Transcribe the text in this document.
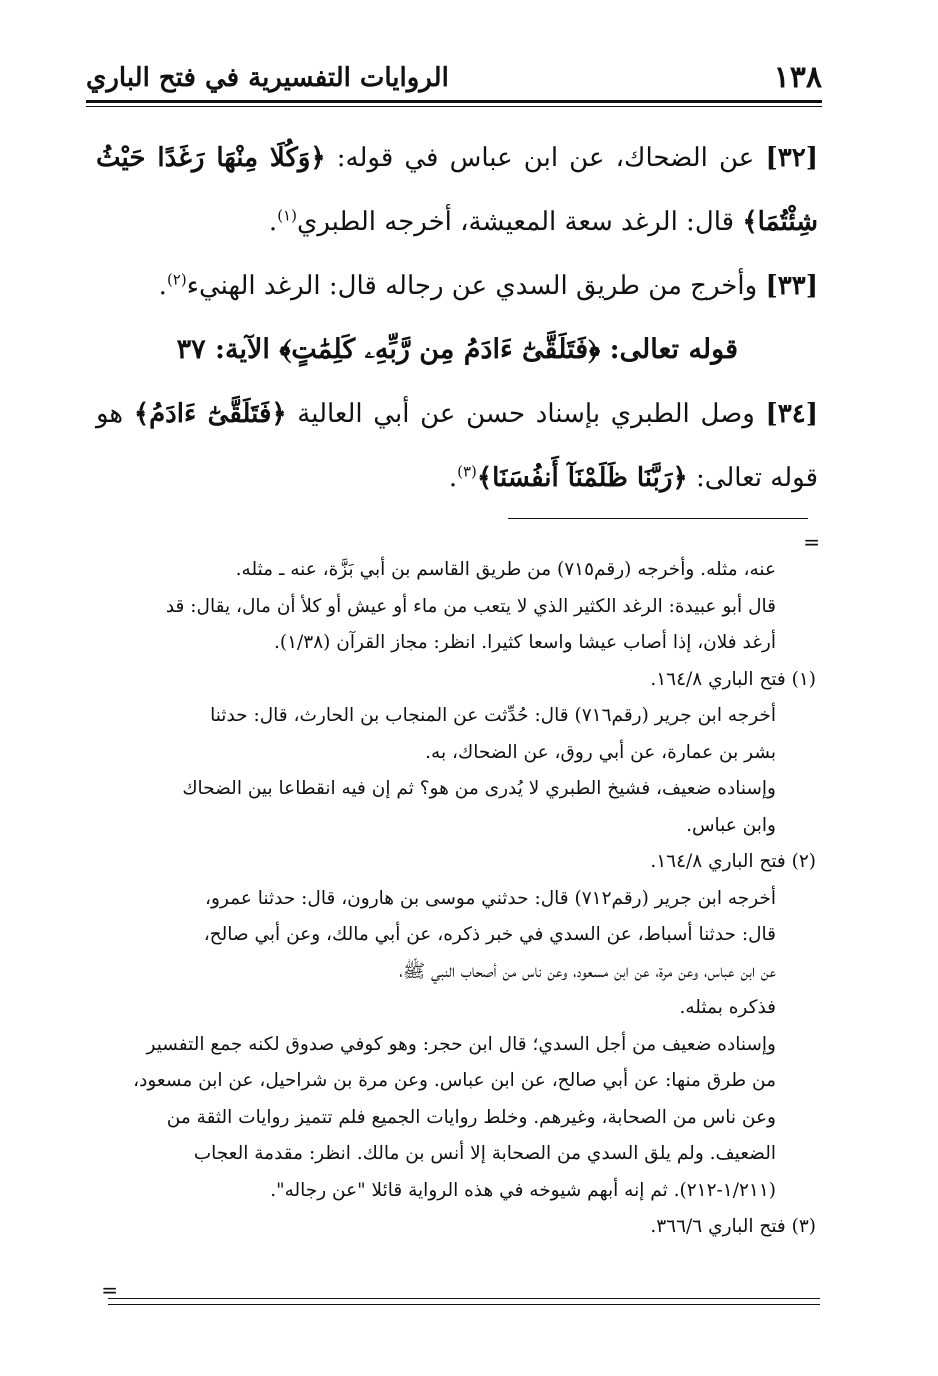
١٣٨
الروايات التفسيرية في فتح الباري

[٣٢] عن الضحاك، عن ابن عباس في قوله: ﴿وَكُلَا مِنْهَا رَغَدًا حَيْثُ شِئْتُمَا﴾ قال: الرغد سعة المعيشة، أخرجه الطبري$^{(١)}$.

[٣٣] وأخرج من طريق السدي عن رجاله قال: الرغد الهنيء$^{(٢)}$.

قوله تعالى: ﴿فَتَلَقَّىٰٓ ءَادَمُ مِن رَّبِّهِۦ كَلِمَٰتٍ﴾ الآية: ٣٧

[٣٤] وصل الطبري بإسناد حسن عن أبي العالية ﴿فَتَلَقَّىٰٓ ءَادَمُ﴾ هو قوله تعالى: ﴿رَبَّنَا ظَلَمْنَآ أَنفُسَنَا﴾$^{(٣)}$.

=

عنه، مثله. وأخرجه (رقم٧١٥) من طريق القاسم بن أبي بَزَّة، عنه ـ مثله.

قال أبو عبيدة: الرغد الكثير الذي لا يتعب من ماء أو عيش أو كلأ أن مال، يقال: قد

أرغد فلان، إذا أصاب عيشا واسعا كثيرا. انظر: مجاز القرآن (١/٣٨).

(١) فتح الباري ١٦٤/٨.

أخرجه ابن جرير (رقم٧١٦) قال: حُدِّثت عن المنجاب بن الحارث، قال: حدثنا

بشر بن عمارة، عن أبي روق، عن الضحاك، به.

وإسناده ضعيف، فشيخ الطبري لا يُدرى من هو؟ ثم إن فيه انقطاعا بين الضحاك

وابن عباس.

(٢) فتح الباري ١٦٤/٨.

أخرجه ابن جرير (رقم٧١٢) قال: حدثني موسى بن هارون، قال: حدثنا عمرو،

قال: حدثنا أسباط، عن السدي في خبر ذكره، عن أبي مالك، وعن أبي صالح،

عن ابن عباس، وعن مرة، عن ابن مسعود، وعن ناس من أصحاب النبي ﷺ،

فذكره بمثله.

وإسناده ضعيف من أجل السدي؛ قال ابن حجر: وهو كوفي صدوق لكنه جمع التفسير

من طرق منها: عن أبي صالح، عن ابن عباس. وعن مرة بن شراحيل، عن ابن مسعود،

وعن ناس من الصحابة، وغيرهم. وخلط روايات الجميع فلم تتميز روايات الثقة من

الضعيف. ولم يلق السدي من الصحابة إلا أنس بن مالك. انظر: مقدمة العجاب

(١/٢١١-٢١٢). ثم إنه أبهم شيوخه في هذه الرواية قائلا "عن رجاله".

(٣) فتح الباري ٣٦٦/٦.

=
